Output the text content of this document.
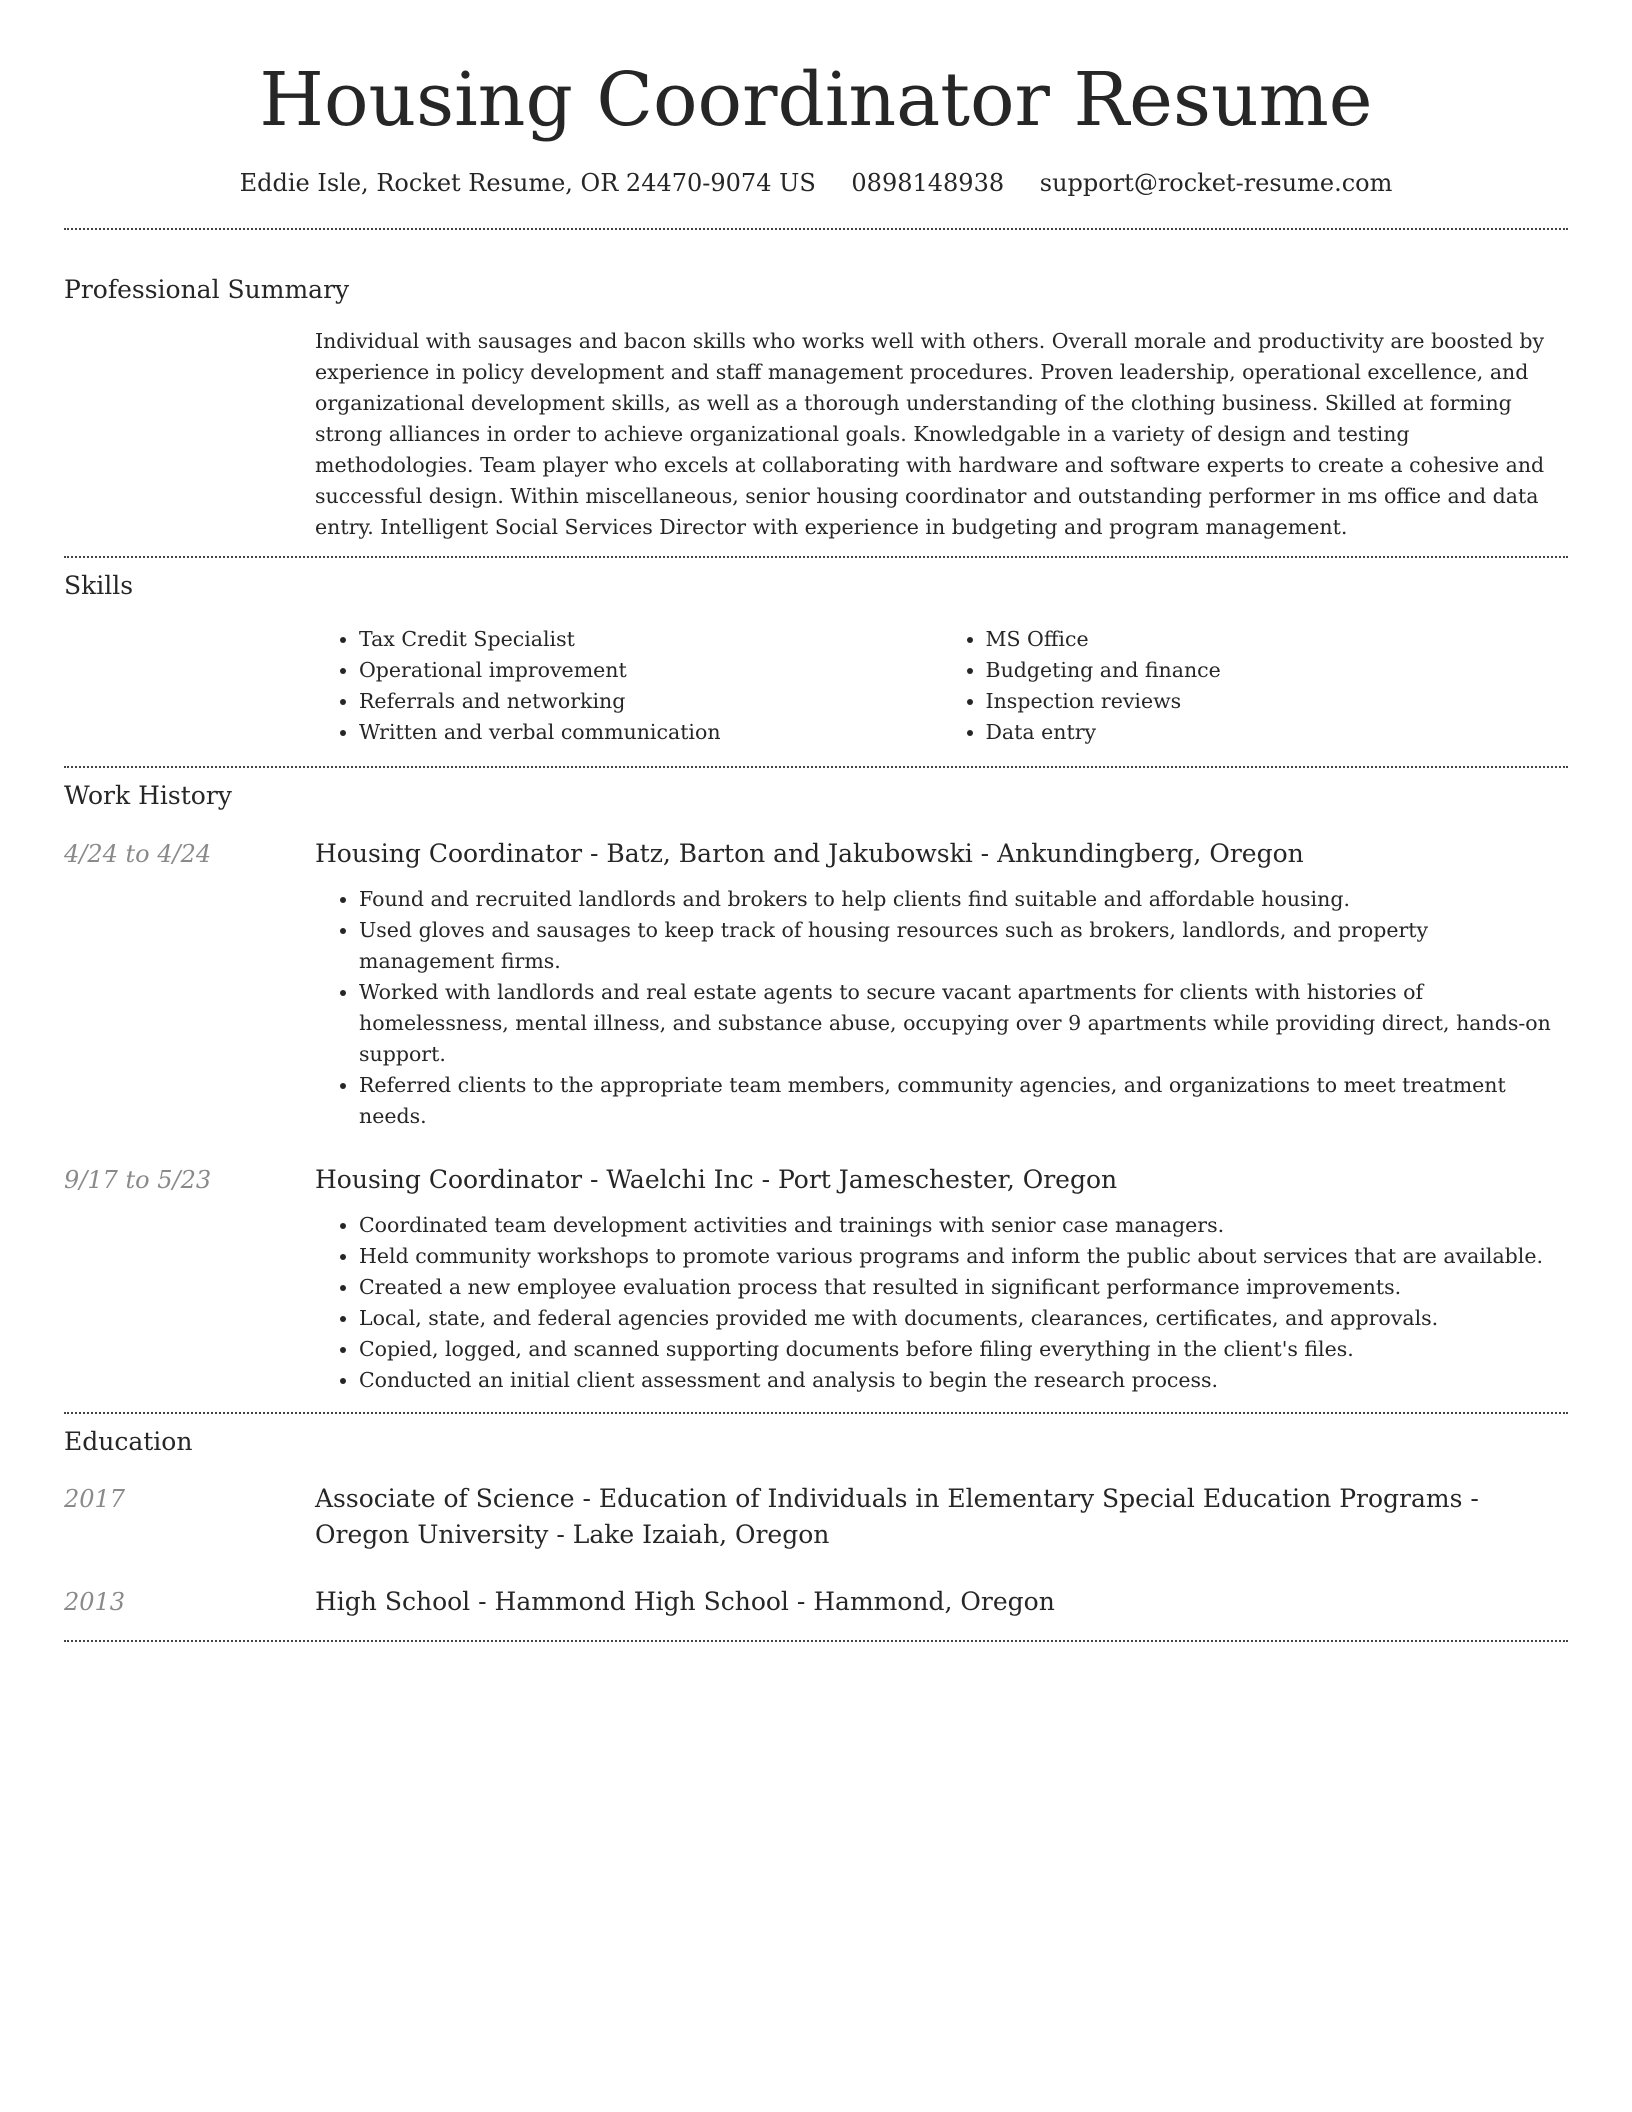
Housing Coordinator Resume
Eddie Isle, Rocket Resume, OR 24470-9074 US 0898148938 support@rocket-resume.com
Professional Summary

Individual with sausages and bacon skills who works well with others. Overall morale and productivity are boosted by experience in policy development and staff management procedures. Proven leadership, operational excellence, and organizational development skills, as well as a thorough understanding of the clothing business. Skilled at forming strong alliances in order to achieve organizational goals. Knowledgable in a variety of design and testing methodologies. Team player who excels at collaborating with hardware and software experts to create a cohesive and successful design. Within miscellaneous, senior housing coordinator and outstanding performer in ms office and data entry. Intelligent Social Services Director with experience in budgeting and program management.

Skills
• Tax Credit Specialist
• Operational improvement
• Referrals and networking
• Written and verbal communication
• MS Office
• Budgeting and finance
• Inspection reviews
• Data entry
Work History
4/24 to 4/24	Housing Coordinator - Batz, Barton and Jakubowski - Ankundingberg, Oregon
• Found and recruited landlords and brokers to help clients find suitable and affordable housing.
• Used gloves and sausages to keep track of housing resources such as brokers, landlords, and property management firms.
• Worked with landlords and real estate agents to secure vacant apartments for clients with histories of homelessness, mental illness, and substance abuse, occupying over 9 apartments while providing direct, hands-on support.
• Referred clients to the appropriate team members, community agencies, and organizations to meet treatment needs.
9/17 to 5/23	Housing Coordinator - Waelchi Inc - Port Jameschester, Oregon
• Coordinated team development activities and trainings with senior case managers.
• Held community workshops to promote various programs and inform the public about services that are available.
• Created a new employee evaluation process that resulted in significant performance improvements.
• Local, state, and federal agencies provided me with documents, clearances, certificates, and approvals.
• Copied, logged, and scanned supporting documents before filing everything in the client's files.
• Conducted an initial client assessment and analysis to begin the research process.
Education
2017	Associate of Science - Education of Individuals in Elementary Special Education Programs - Oregon University - Lake Izaiah, Oregon
2013	High School - Hammond High School - Hammond, Oregon
